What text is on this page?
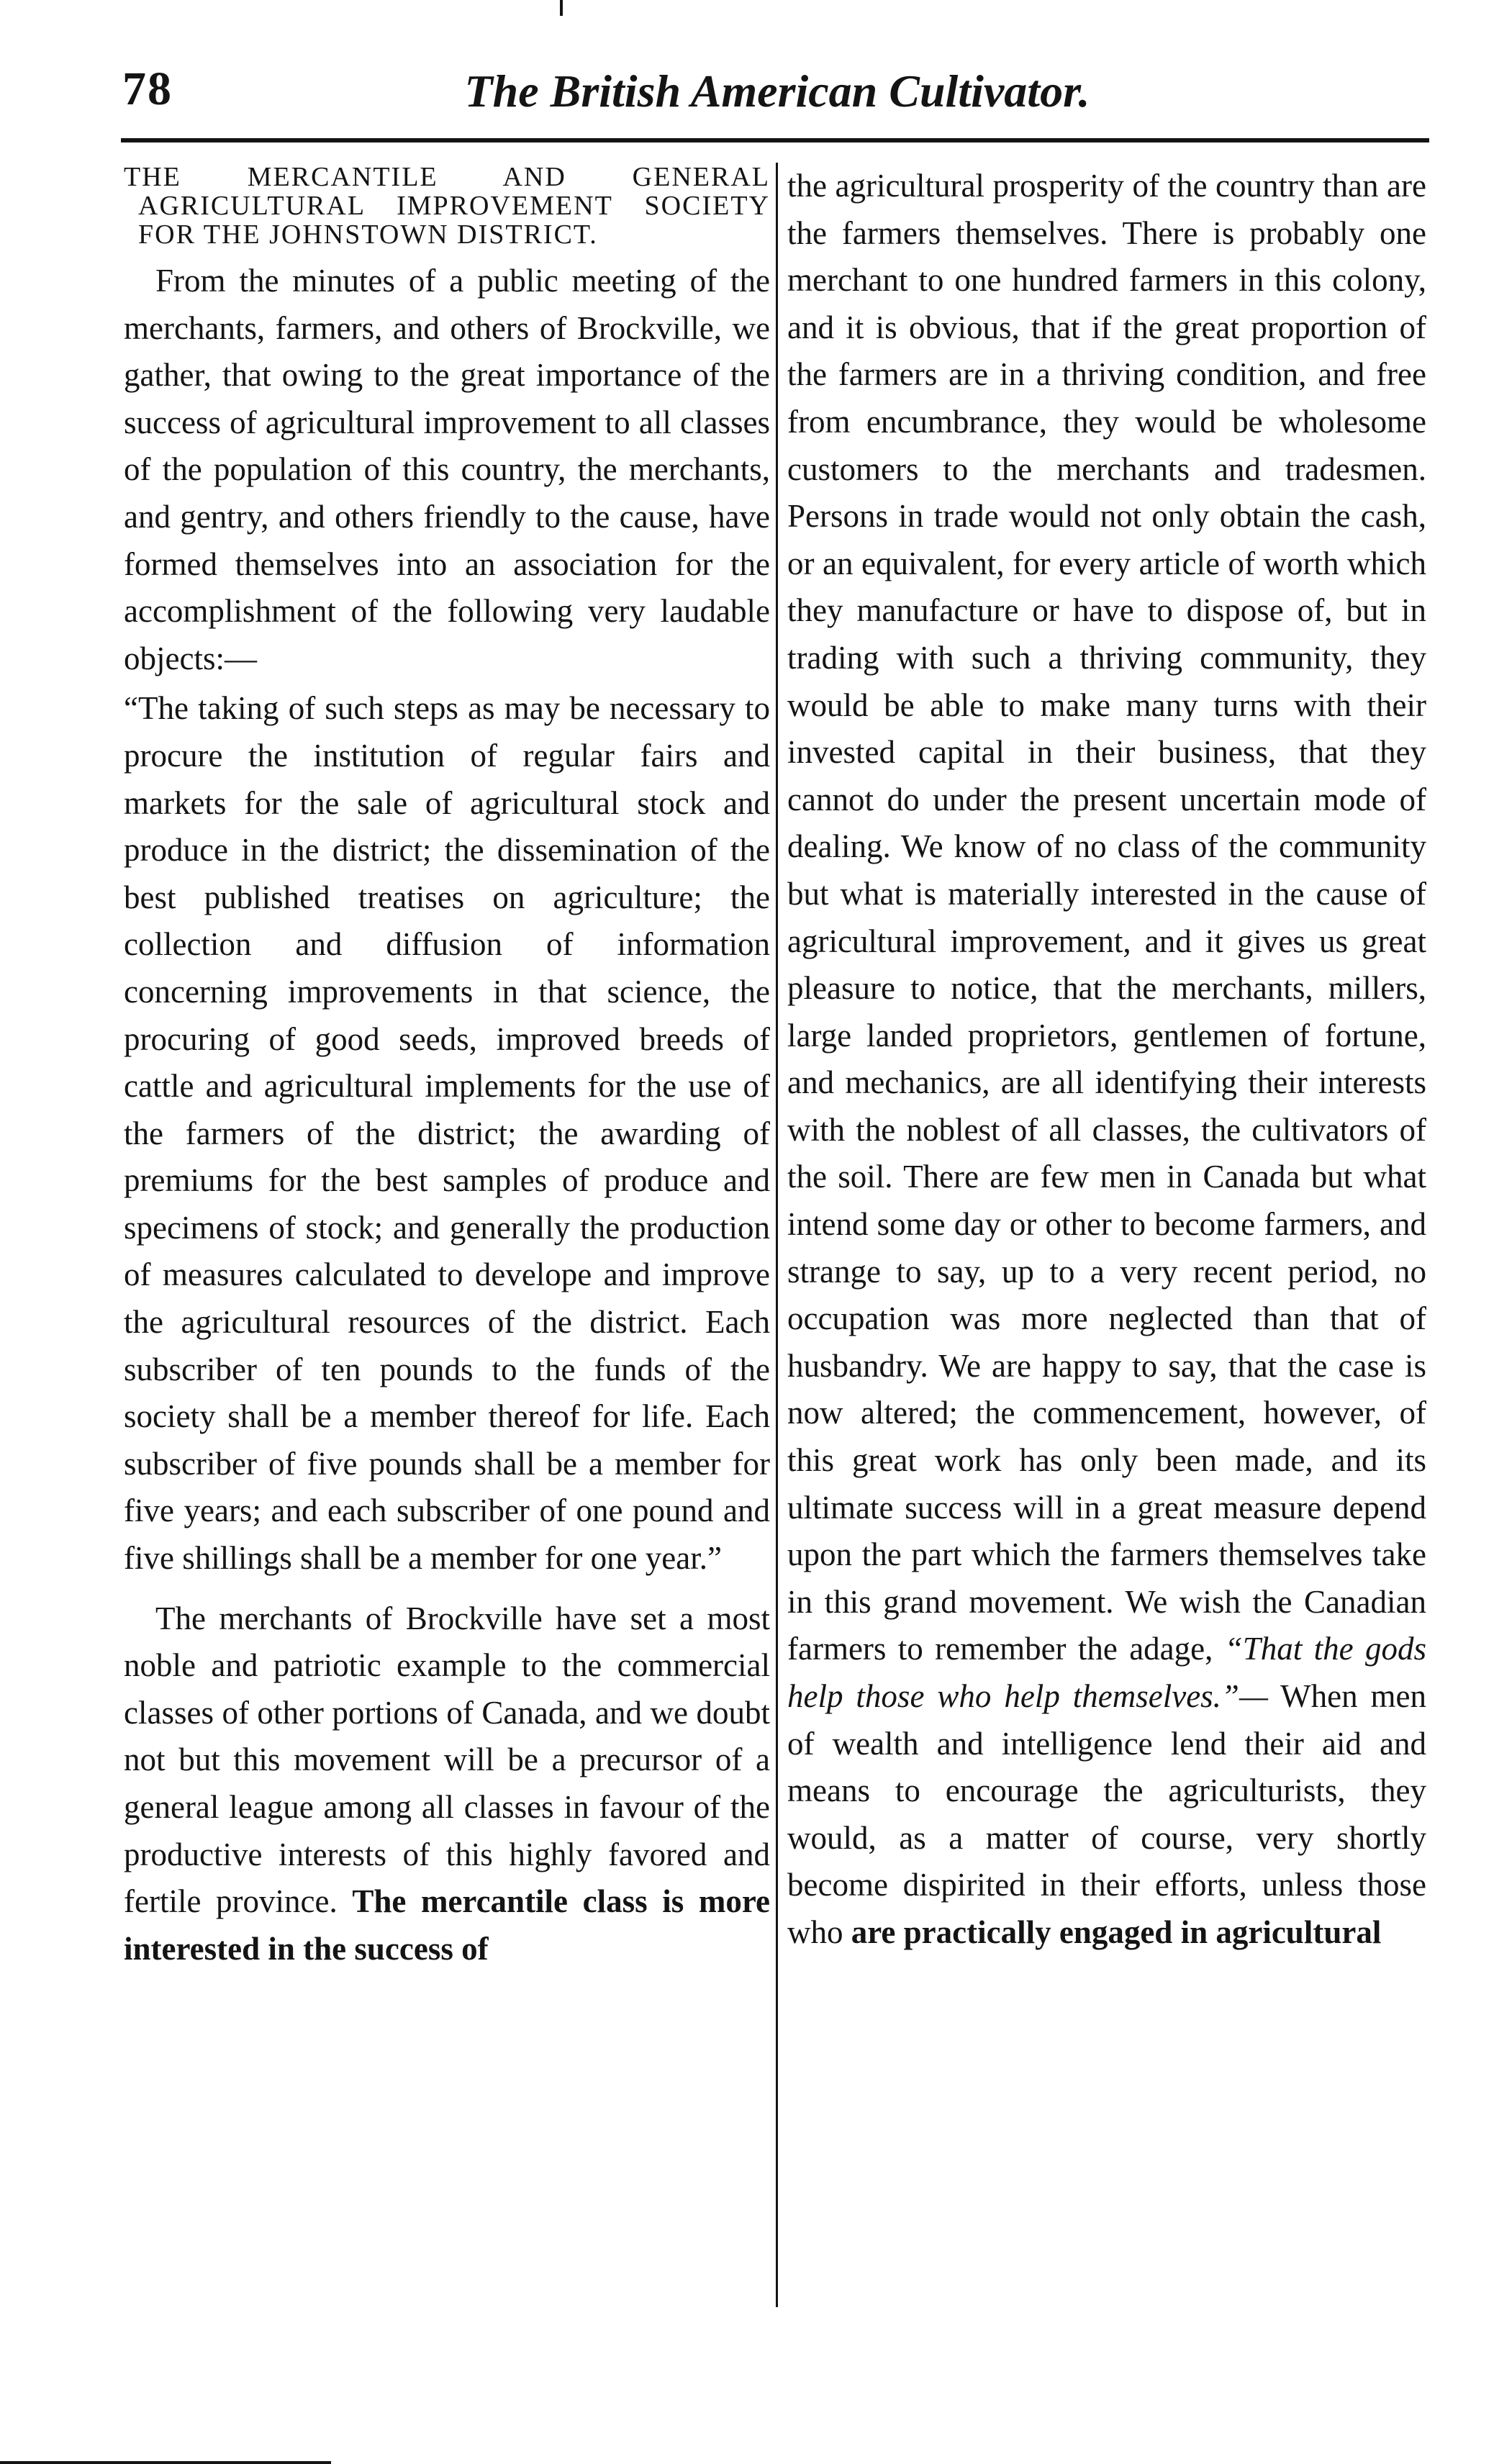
78	The British American Cultivator.
THE MERCANTILE AND GENERAL AGRICULTURAL IMPROVEMENT SOCIETY FOR THE JOHNSTOWN DISTRICT.

From the minutes of a public meeting of the merchants, farmers, and others of Brockville, we gather, that owing to the great importance of the success of agricultural improvement to all classes of the population of this country, the merchants, and gentry, and others friendly to the cause, have formed themselves into an association for the accomplishment of the following very laudable objects:—

“The taking of such steps as may be necessary to procure the institution of regular fairs and markets for the sale of agricultural stock and produce in the district; the dissemination of the best published treatises on agriculture; the collection and diffusion of information concerning improvements in that science, the procuring of good seeds, improved breeds of cattle and agricultural implements for the use of the farmers of the district; the awarding of premiums for the best samples of produce and specimens of stock; and generally the production of measures calculated to develope and improve the agricultural resources of the district. Each subscriber of ten pounds to the funds of the society shall be a member thereof for life. Each subscriber of five pounds shall be a member for five years; and each subscriber of one pound and five shillings shall be a member for one year.”

The merchants of Brockville have set a most noble and patriotic example to the commercial classes of other portions of Canada, and we doubt not but this movement will be a precursor of a general league among all classes in favour of the productive interests of this highly favored and fertile province. The mercantile class is more interested in the success of

the agricultural prosperity of the country than are the farmers themselves. There is probably one merchant to one hundred farmers in this colony, and it is obvious, that if the great proportion of the farmers are in a thriving condition, and free from encumbrance, they would be wholesome customers to the merchants and tradesmen. Persons in trade would not only obtain the cash, or an equivalent, for every article of worth which they manufacture or have to dispose of, but in trading with such a thriving community, they would be able to make many turns with their invested capital in their business, that they cannot do under the present uncertain mode of dealing. We know of no class of the community but what is materially interested in the cause of agricultural improvement, and it gives us great pleasure to notice, that the merchants, millers, large landed proprietors, gentlemen of fortune, and mechanics, are all identifying their interests with the noblest of all classes, the cultivators of the soil. There are few men in Canada but what intend some day or other to become farmers, and strange to say, up to a very recent period, no occupation was more neglected than that of husbandry. We are happy to say, that the case is now altered; the commencement, however, of this great work has only been made, and its ultimate success will in a great measure depend upon the part which the farmers themselves take in this grand movement. We wish the Canadian farmers to remember the adage, “That the gods help those who help themselves.”— When men of wealth and intelligence lend their aid and means to encourage the agriculturists, they would, as a matter of course, very shortly become dispirited in their efforts, unless those who are practically engaged in agricultural
